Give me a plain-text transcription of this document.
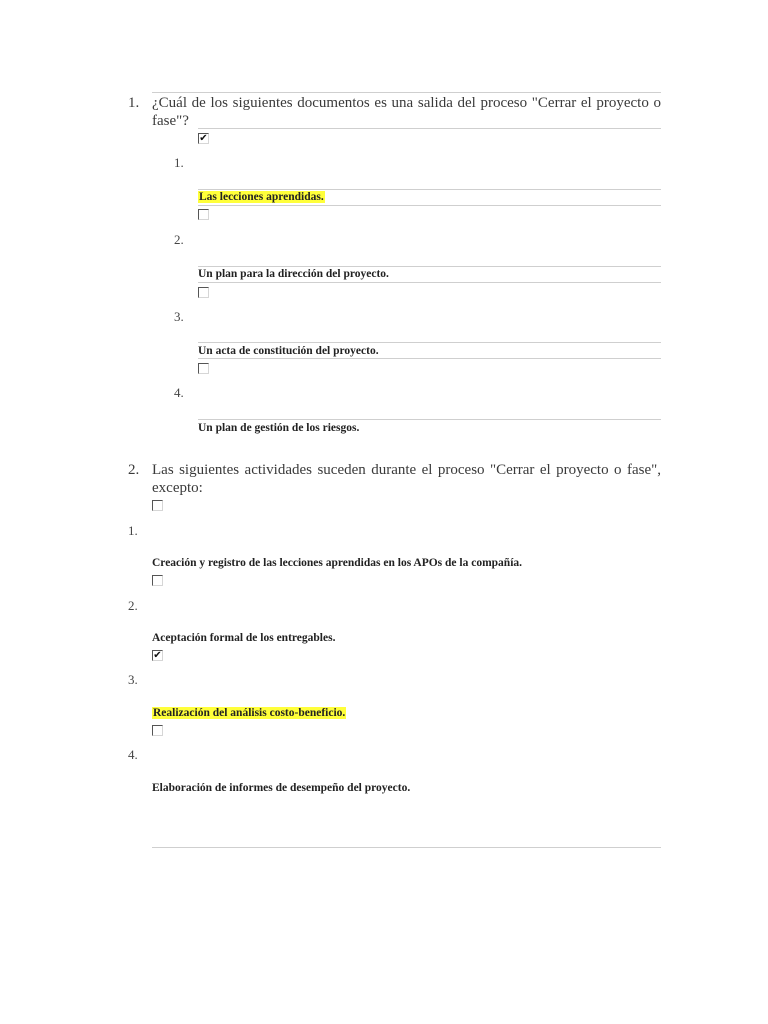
1. ¿Cuál de los siguientes documentos es una salida del proceso "Cerrar el proyecto o fase"?
✔
1.
Las lecciones aprendidas.
2.
Un plan para la dirección del proyecto.
3.
Un acta de constitución del proyecto.
4.
Un plan de gestión de los riesgos.
2. Las siguientes actividades suceden durante el proceso "Cerrar el proyecto o fase", excepto:
1.
Creación y registro de las lecciones aprendidas en los APOs de la compañía.
2.
Aceptación formal de los entregables.
✔
3.
Realización del análisis costo-beneficio.
4.
Elaboración de informes de desempeño del proyecto.
